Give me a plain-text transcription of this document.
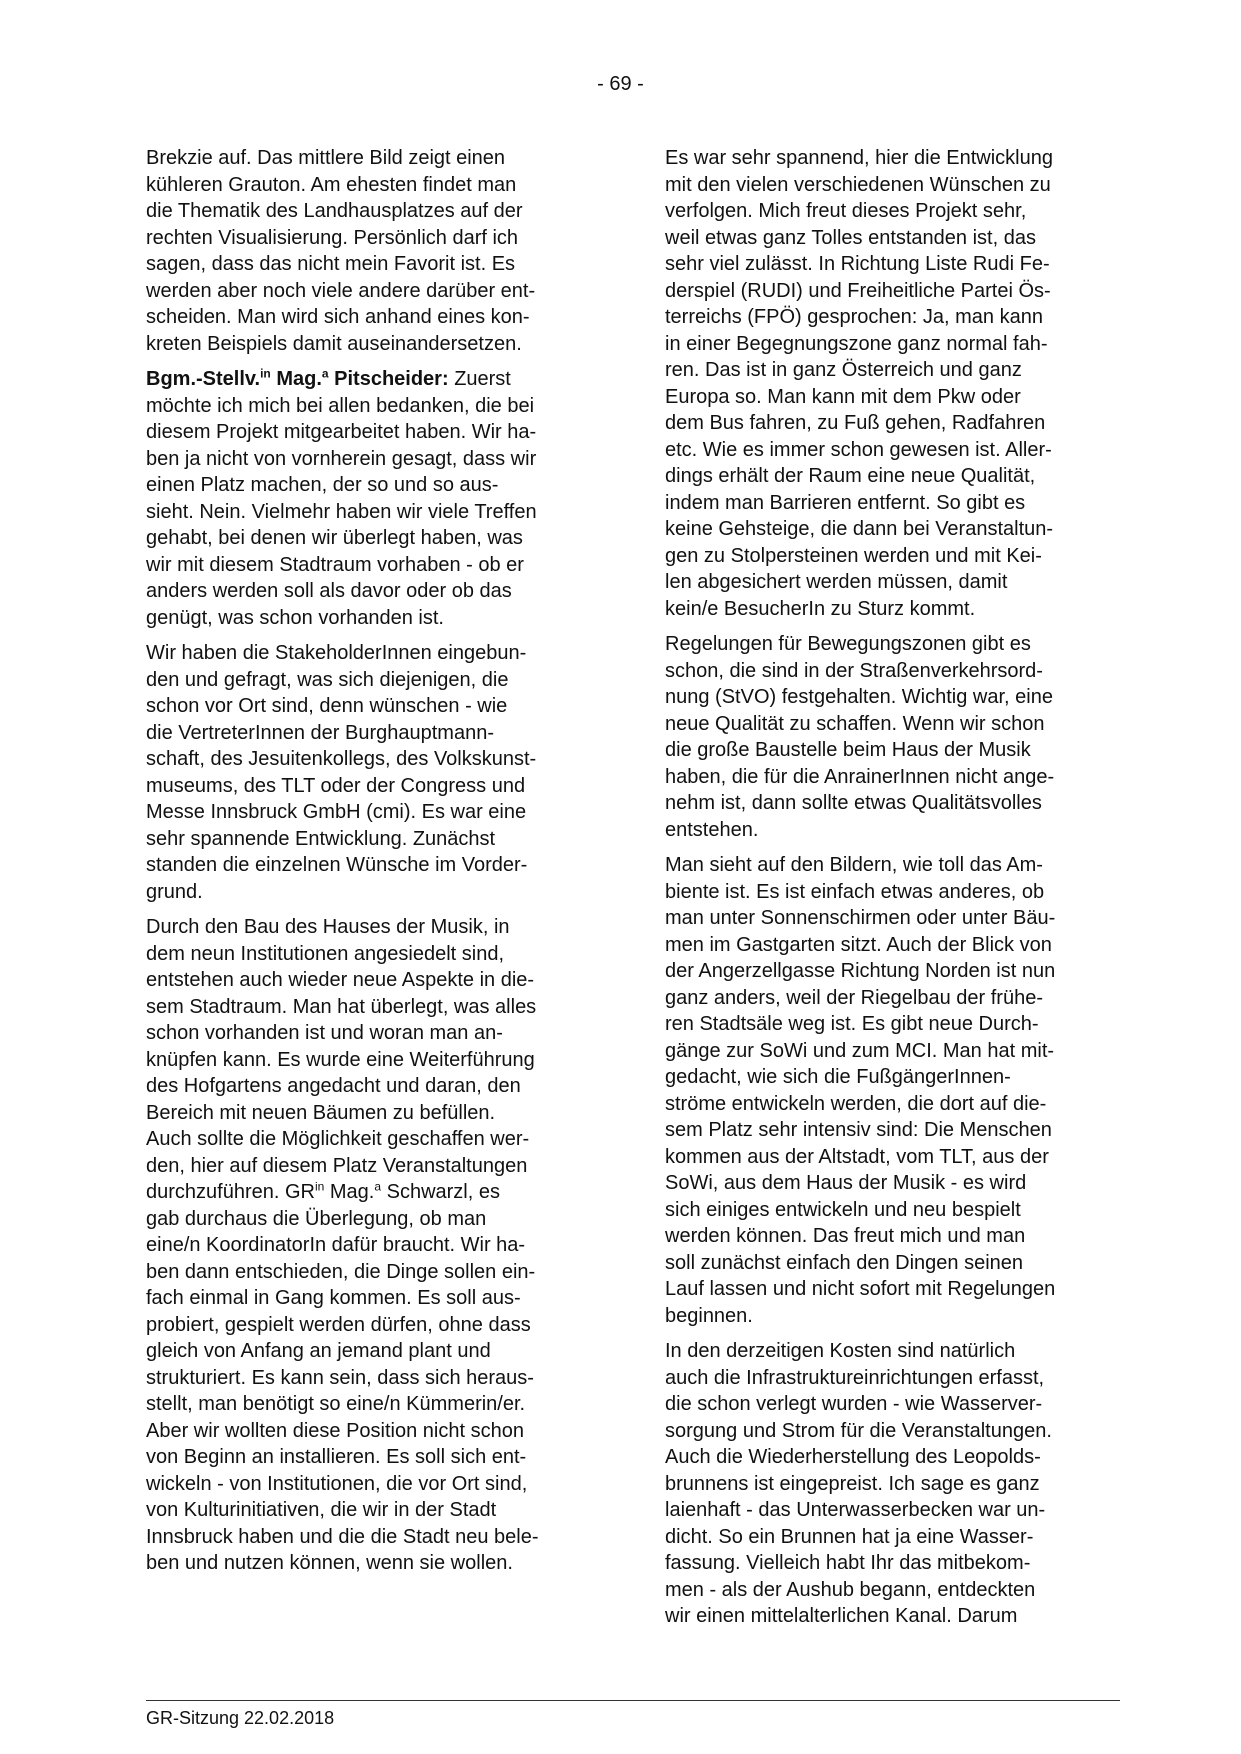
- 69 -

Brekzie auf. Das mittlere Bild zeigt einen
kühleren Grauton. Am ehesten findet man
die Thematik des Landhausplatzes auf der
rechten Visualisierung. Persönlich darf ich
sagen, dass das nicht mein Favorit ist. Es
werden aber noch viele andere darüber ent-
scheiden. Man wird sich anhand eines kon-
kreten Beispiels damit auseinandersetzen.

Bgm.-Stellv.$^{in}$ Mag.$^a$ Pitscheider: Zuerst
möchte ich mich bei allen bedanken, die bei
diesem Projekt mitgearbeitet haben. Wir ha-
ben ja nicht von vornherein gesagt, dass wir
einen Platz machen, der so und so aus-
sieht. Nein. Vielmehr haben wir viele Treffen
gehabt, bei denen wir überlegt haben, was
wir mit diesem Stadtraum vorhaben - ob er
anders werden soll als davor oder ob das
genügt, was schon vorhanden ist.

Wir haben die StakeholderInnen eingebun-
den und gefragt, was sich diejenigen, die
schon vor Ort sind, denn wünschen - wie
die VertreterInnen der Burghauptmann-
schaft, des Jesuitenkollegs, des Volkskunst-
museums, des TLT oder der Congress und
Messe Innsbruck GmbH (cmi). Es war eine
sehr spannende Entwicklung. Zunächst
standen die einzelnen Wünsche im Vorder-
grund.

Durch den Bau des Hauses der Musik, in
dem neun Institutionen angesiedelt sind,
entstehen auch wieder neue Aspekte in die-
sem Stadtraum. Man hat überlegt, was alles
schon vorhanden ist und woran man an-
knüpfen kann. Es wurde eine Weiterführung
des Hofgartens angedacht und daran, den
Bereich mit neuen Bäumen zu befüllen.
Auch sollte die Möglichkeit geschaffen wer-
den, hier auf diesem Platz Veranstaltungen
durchzuführen. $GR^{in}$ Mag.$^a$ Schwarzl, es
gab durchaus die Überlegung, ob man
eine/n KoordinatorIn dafür braucht. Wir ha-
ben dann entschieden, die Dinge sollen ein-
fach einmal in Gang kommen. Es soll aus-
probiert, gespielt werden dürfen, ohne dass
gleich von Anfang an jemand plant und
strukturiert. Es kann sein, dass sich heraus-
stellt, man benötigt so eine/n Kümmerin/er.
Aber wir wollten diese Position nicht schon
von Beginn an installieren. Es soll sich ent-
wickeln - von Institutionen, die vor Ort sind,
von Kulturinitiativen, die wir in der Stadt
Innsbruck haben und die die Stadt neu bele-
ben und nutzen können, wenn sie wollen.

Es war sehr spannend, hier die Entwicklung
mit den vielen verschiedenen Wünschen zu
verfolgen. Mich freut dieses Projekt sehr,
weil etwas ganz Tolles entstanden ist, das
sehr viel zulässt. In Richtung Liste Rudi Fe-
derspiel (RUDI) und Freiheitliche Partei Ös-
terreichs (FPÖ) gesprochen: Ja, man kann
in einer Begegnungszone ganz normal fah-
ren. Das ist in ganz Österreich und ganz
Europa so. Man kann mit dem Pkw oder
dem Bus fahren, zu Fuß gehen, Radfahren
etc. Wie es immer schon gewesen ist. Aller-
dings erhält der Raum eine neue Qualität,
indem man Barrieren entfernt. So gibt es
keine Gehsteige, die dann bei Veranstaltun-
gen zu Stolpersteinen werden und mit Kei-
len abgesichert werden müssen, damit
kein/e BesucherIn zu Sturz kommt.

Regelungen für Bewegungszonen gibt es
schon, die sind in der Straßenverkehrsord-
nung (StVO) festgehalten. Wichtig war, eine
neue Qualität zu schaffen. Wenn wir schon
die große Baustelle beim Haus der Musik
haben, die für die AnrainerInnen nicht ange-
nehm ist, dann sollte etwas Qualitätsvolles
entstehen.

Man sieht auf den Bildern, wie toll das Am-
biente ist. Es ist einfach etwas anderes, ob
man unter Sonnenschirmen oder unter Bäu-
men im Gastgarten sitzt. Auch der Blick von
der Angerzellgasse Richtung Norden ist nun
ganz anders, weil der Riegelbau der frühe-
ren Stadtsäle weg ist. Es gibt neue Durch-
gänge zur SoWi und zum MCI. Man hat mit-
gedacht, wie sich die FußgängerInnen-
ströme entwickeln werden, die dort auf die-
sem Platz sehr intensiv sind: Die Menschen
kommen aus der Altstadt, vom TLT, aus der
SoWi, aus dem Haus der Musik - es wird
sich einiges entwickeln und neu bespielt
werden können. Das freut mich und man
soll zunächst einfach den Dingen seinen
Lauf lassen und nicht sofort mit Regelungen
beginnen.

In den derzeitigen Kosten sind natürlich
auch die Infrastruktureinrichtungen erfasst,
die schon verlegt wurden - wie Wasserver-
sorgung und Strom für die Veranstaltungen.
Auch die Wiederherstellung des Leopolds-
brunnens ist eingepreist. Ich sage es ganz
laienhaft - das Unterwasserbecken war un-
dicht. So ein Brunnen hat ja eine Wasser-
fassung. Vielleich habt Ihr das mitbekom-
men - als der Aushub begann, entdeckten
wir einen mittelalterlichen Kanal. Darum

GR-Sitzung 22.02.2018
